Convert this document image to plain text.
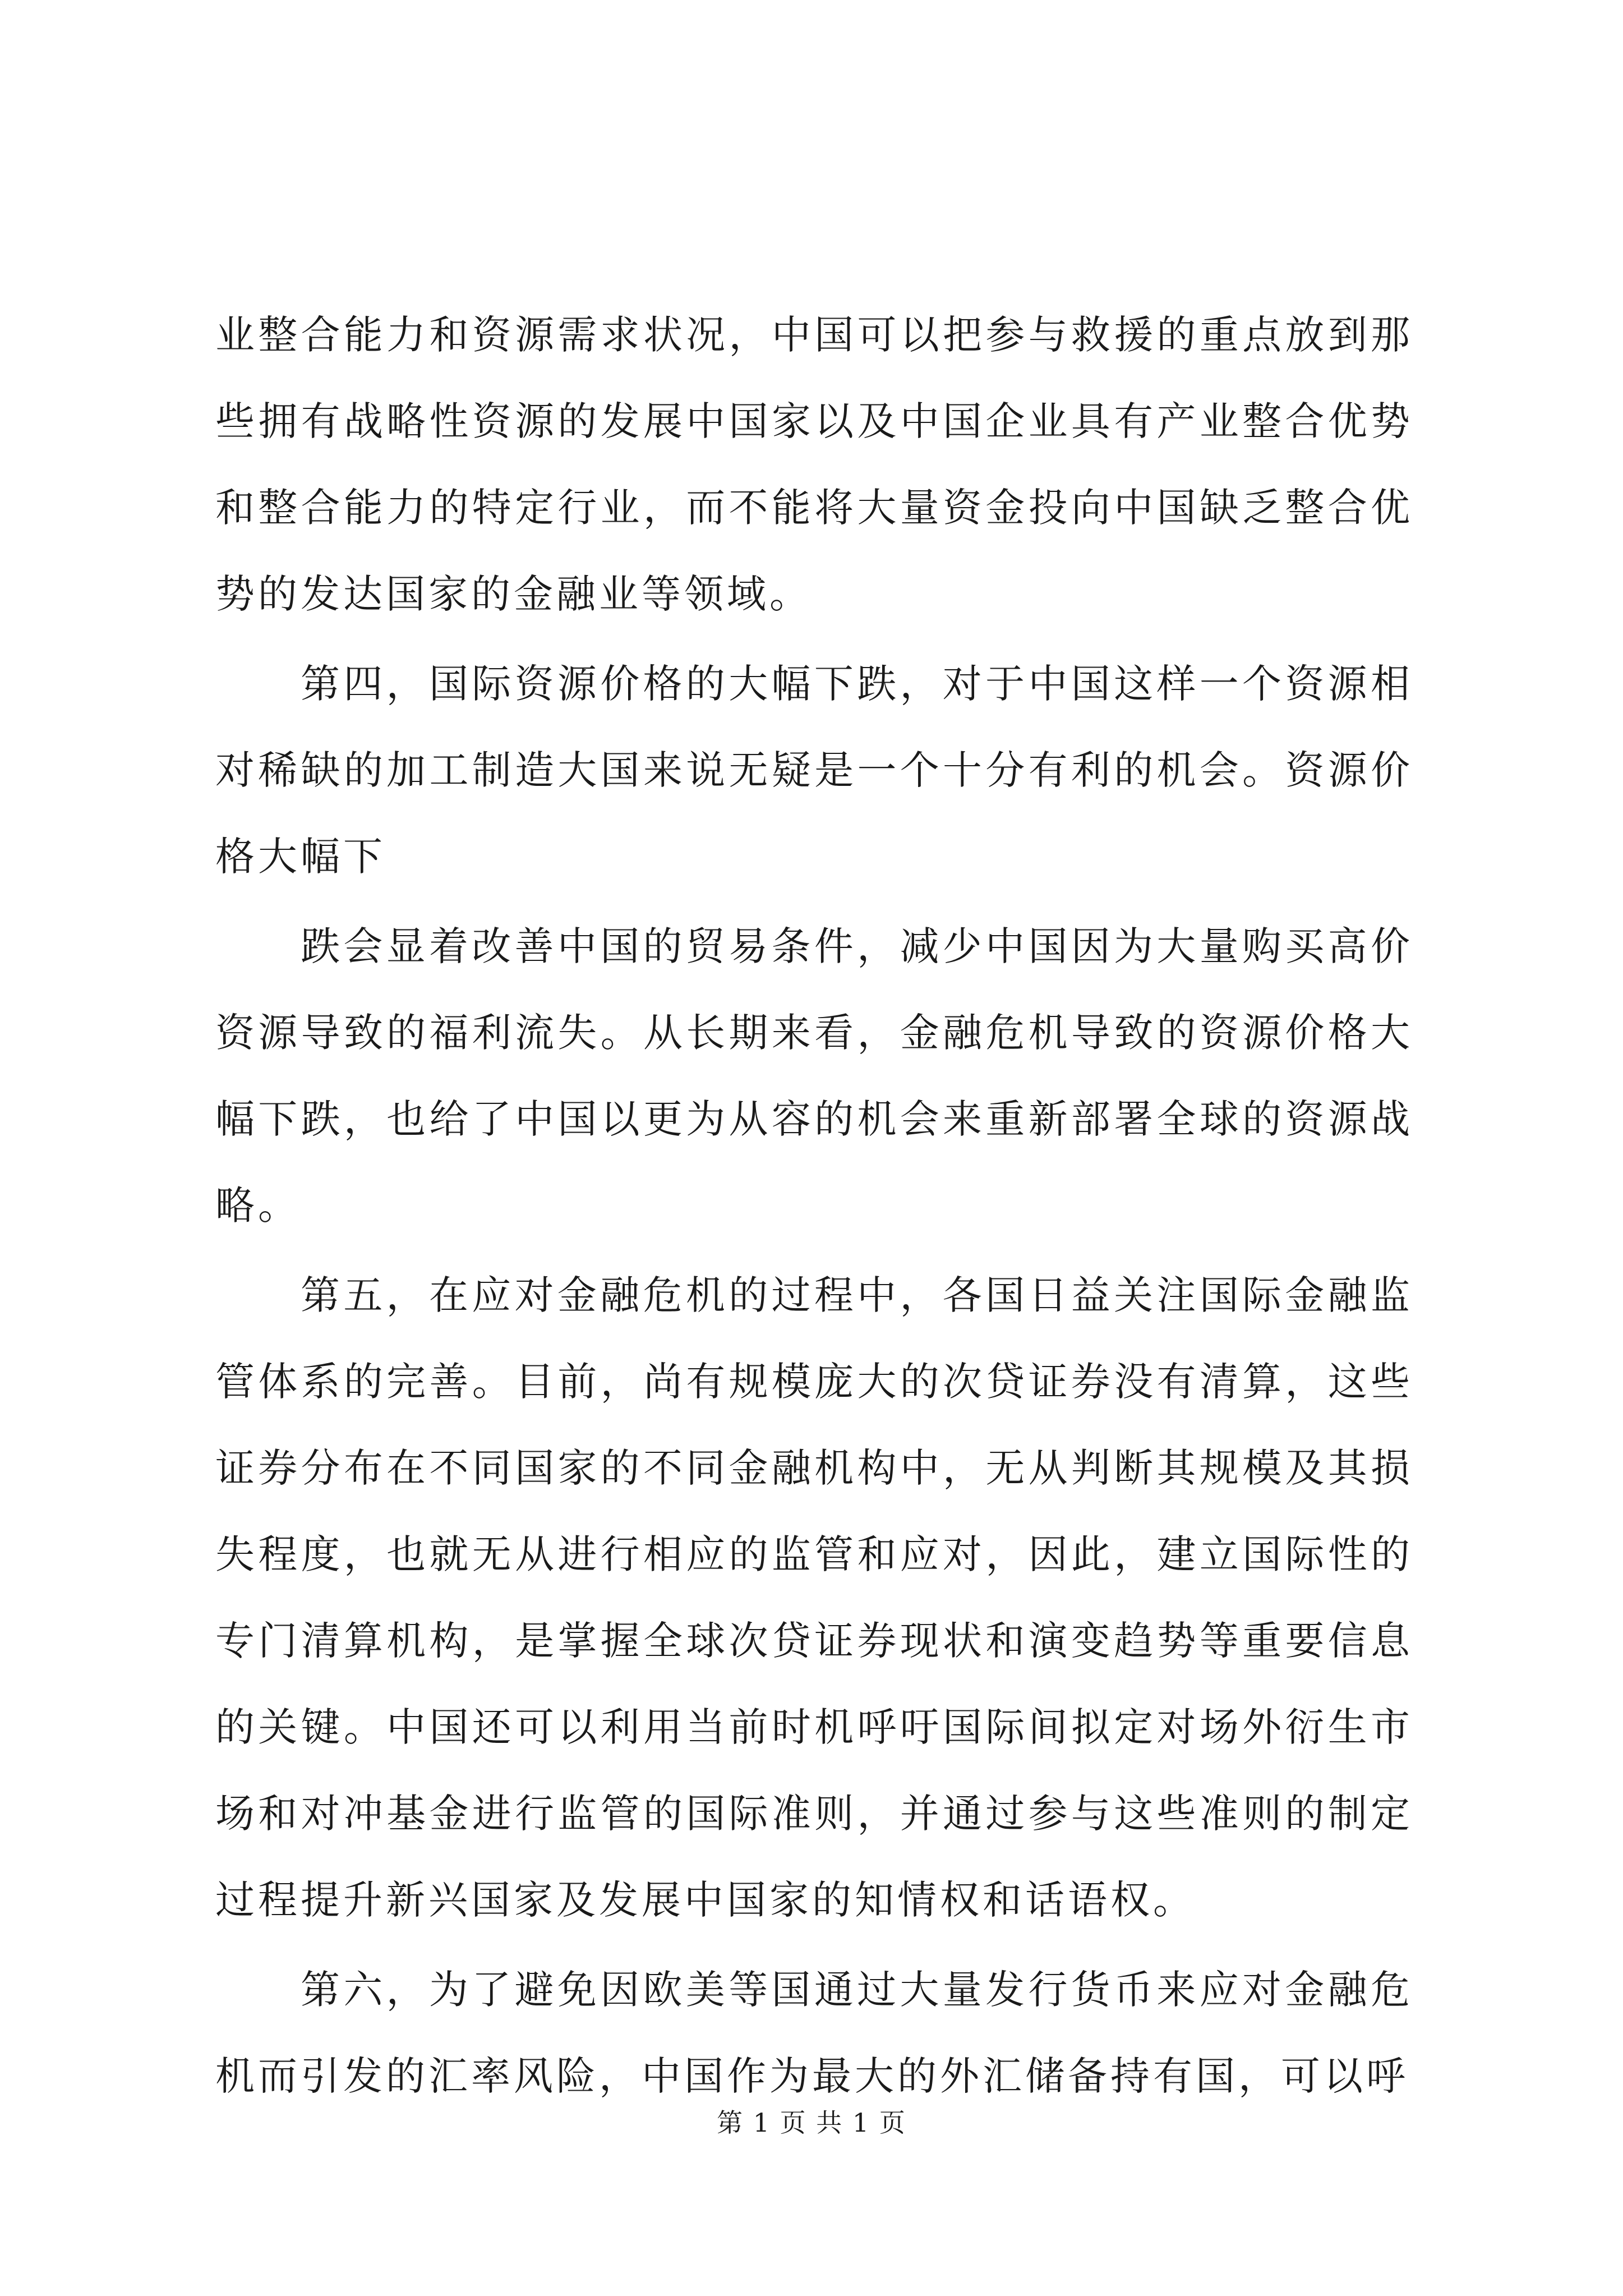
业整合能力和资源需求状况，中国可以把参与救援的重点放到那些拥有战略性资源的发展中国家以及中国企业具有产业整合优势和整合能力的特定行业，而不能将大量资金投向中国缺乏整合优势的发达国家的金融业等领域。

第四，国际资源价格的大幅下跌，对于中国这样一个资源相对稀缺的加工制造大国来说无疑是一个十分有利的机会。资源价格大幅下

跌会显着改善中国的贸易条件，减少中国因为大量购买高价资源导致的福利流失。从长期来看，金融危机导致的资源价格大幅下跌，也给了中国以更为从容的机会来重新部署全球的资源战略。

第五，在应对金融危机的过程中，各国日益关注国际金融监管体系的完善。目前，尚有规模庞大的次贷证券没有清算，这些证券分布在不同国家的不同金融机构中，无从判断其规模及其损失程度，也就无从进行相应的监管和应对，因此，建立国际性的专门清算机构，是掌握全球次贷证券现状和演变趋势等重要信息的关键。中国还可以利用当前时机呼吁国际间拟定对场外衍生市场和对冲基金进行监管的国际准则，并通过参与这些准则的制定过程提升新兴国家及发展中国家的知情权和话语权。

第六，为了避免因欧美等国通过大量发行货币来应对金融危机而引发的汇率风险，中国作为最大的外汇储备持有国，可以呼

第 1 页 共 1 页
